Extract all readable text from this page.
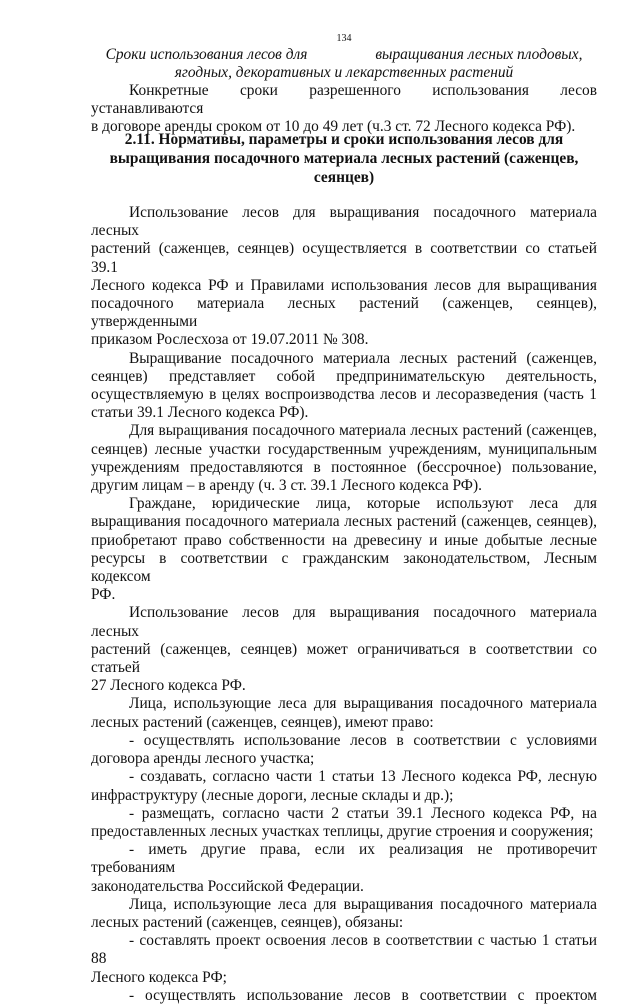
134
Сроки использования лесов для	выращивания лесных плодовых,
ягодных, декоративных и лекарственных растений

Конкретные сроки разрешенного использования лесов устанавливаются
в договоре аренды сроком от 10 до 49 лет (ч.3 ст. 72 Лесного кодекса РФ).

2.11. Нормативы, параметры и сроки использования лесов для
выращивания посадочного материала лесных растений (саженцев,
сеянцев)

Использование лесов для выращивания посадочного материала лесных
растений (саженцев, сеянцев) осуществляется в соответствии со статьей 39.1
Лесного кодекса РФ и Правилами использования лесов для выращивания
посадочного материала лесных растений (саженцев, сеянцев), утвержденными
приказом Рослесхоза от 19.07.2011 № 308.

Выращивание посадочного материала лесных растений (саженцев,
сеянцев) представляет собой предпринимательскую деятельность,
осуществляемую в целях воспроизводства лесов и лесоразведения (часть 1
статьи 39.1 Лесного кодекса РФ).

Для выращивания посадочного материала лесных растений (саженцев,
сеянцев) лесные участки государственным учреждениям, муниципальным
учреждениям предоставляются в постоянное (бессрочное) пользование,
другим лицам – в аренду (ч. 3 ст. 39.1 Лесного кодекса РФ).

Граждане, юридические лица, которые используют леса для
выращивания посадочного материала лесных растений (саженцев, сеянцев),
приобретают право собственности на древесину и иные добытые лесные
ресурсы в соответствии с гражданским законодательством, Лесным кодексом
РФ.

Использование лесов для выращивания посадочного материала лесных
растений (саженцев, сеянцев) может ограничиваться в соответствии со статьей
27 Лесного кодекса РФ.

Лица, использующие леса для выращивания посадочного материала
лесных растений (саженцев, сеянцев), имеют право:

- осуществлять использование лесов в соответствии с условиями
договора аренды лесного участка;

- создавать, согласно части 1 статьи 13 Лесного кодекса РФ, лесную
инфраструктуру (лесные дороги, лесные склады и др.);

- размещать, согласно части 2 статьи 39.1 Лесного кодекса РФ, на
предоставленных лесных участках теплицы, другие строения и сооружения;

- иметь другие права, если их реализация не противоречит требованиям
законодательства Российской Федерации.

Лица, использующие леса для выращивания посадочного материала
лесных растений (саженцев, сеянцев), обязаны:

- составлять проект освоения лесов в соответствии с частью 1 статьи 88
Лесного кодекса РФ;

- осуществлять использование лесов в соответствии с проектом
